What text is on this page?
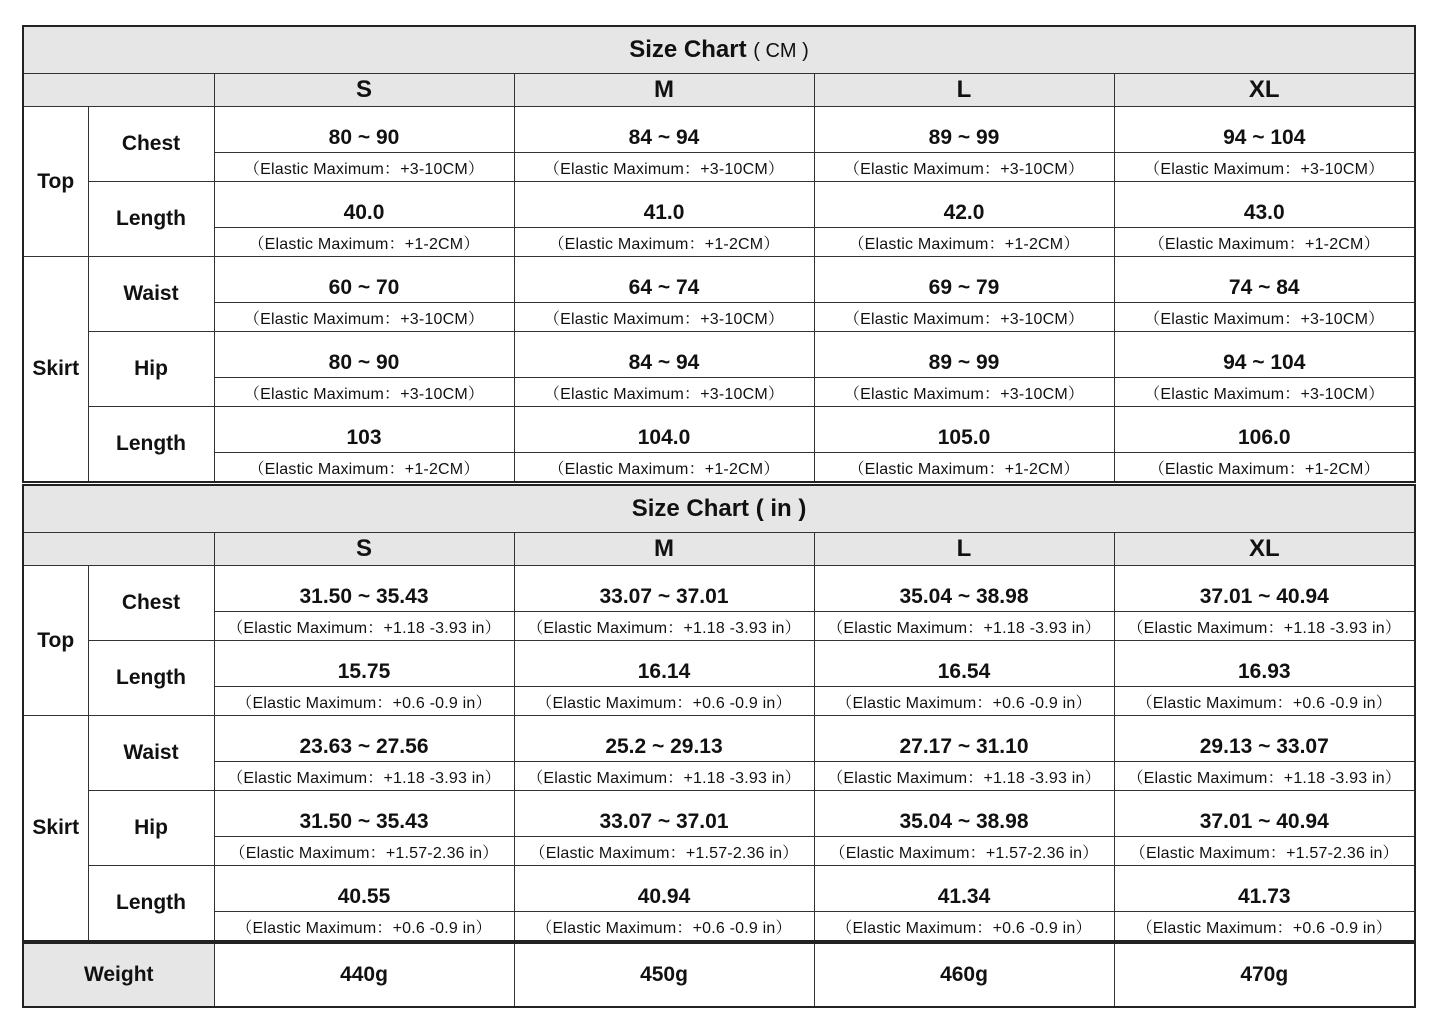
Size Chart ( CM )					
		S	M	L	XL
Top	Chest	80 ~ 90	84 ~ 94	89 ~ 99	94 ~ 104
		（Elastic Maximum：+3-10CM）	（Elastic Maximum：+3-10CM）	（Elastic Maximum：+3-10CM）	（Elastic Maximum：+3-10CM）
	Length	40.0	41.0	42.0	43.0
		（Elastic Maximum：+1-2CM）	（Elastic Maximum：+1-2CM）	（Elastic Maximum：+1-2CM）	（Elastic Maximum：+1-2CM）
Skirt	Waist	60 ~ 70	64 ~ 74	69 ~ 79	74 ~ 84
		（Elastic Maximum：+3-10CM）	（Elastic Maximum：+3-10CM）	（Elastic Maximum：+3-10CM）	（Elastic Maximum：+3-10CM）
	Hip	80 ~ 90	84 ~ 94	89 ~ 99	94 ~ 104
		（Elastic Maximum：+3-10CM）	（Elastic Maximum：+3-10CM）	（Elastic Maximum：+3-10CM）	（Elastic Maximum：+3-10CM）
	Length	103	104.0	105.0	106.0
		（Elastic Maximum：+1-2CM）	（Elastic Maximum：+1-2CM）	（Elastic Maximum：+1-2CM）	（Elastic Maximum：+1-2CM）
Size Chart ( in )					
		S	M	L	XL
Top	Chest	31.50 ~ 35.43	33.07 ~ 37.01	35.04 ~ 38.98	37.01 ~ 40.94
		（Elastic Maximum：+1.18 -3.93 in）	（Elastic Maximum：+1.18 -3.93 in）	（Elastic Maximum：+1.18 -3.93 in）	（Elastic Maximum：+1.18 -3.93 in）
	Length	15.75	16.14	16.54	16.93
		（Elastic Maximum：+0.6 -0.9 in）	（Elastic Maximum：+0.6 -0.9 in）	（Elastic Maximum：+0.6 -0.9 in）	（Elastic Maximum：+0.6 -0.9 in）
Skirt	Waist	23.63 ~ 27.56	25.2 ~ 29.13	27.17 ~ 31.10	29.13 ~ 33.07
		（Elastic Maximum：+1.18 -3.93 in）	（Elastic Maximum：+1.18 -3.93 in）	（Elastic Maximum：+1.18 -3.93 in）	（Elastic Maximum：+1.18 -3.93 in）
	Hip	31.50 ~ 35.43	33.07 ~ 37.01	35.04 ~ 38.98	37.01 ~ 40.94
		（Elastic Maximum：+1.57-2.36 in）	（Elastic Maximum：+1.57-2.36 in）	（Elastic Maximum：+1.57-2.36 in）	（Elastic Maximum：+1.57-2.36 in）
	Length	40.55	40.94	41.34	41.73
		（Elastic Maximum：+0.6 -0.9 in）	（Elastic Maximum：+0.6 -0.9 in）	（Elastic Maximum：+0.6 -0.9 in）	（Elastic Maximum：+0.6 -0.9 in）
Weight	440g	450g	460g	470g
